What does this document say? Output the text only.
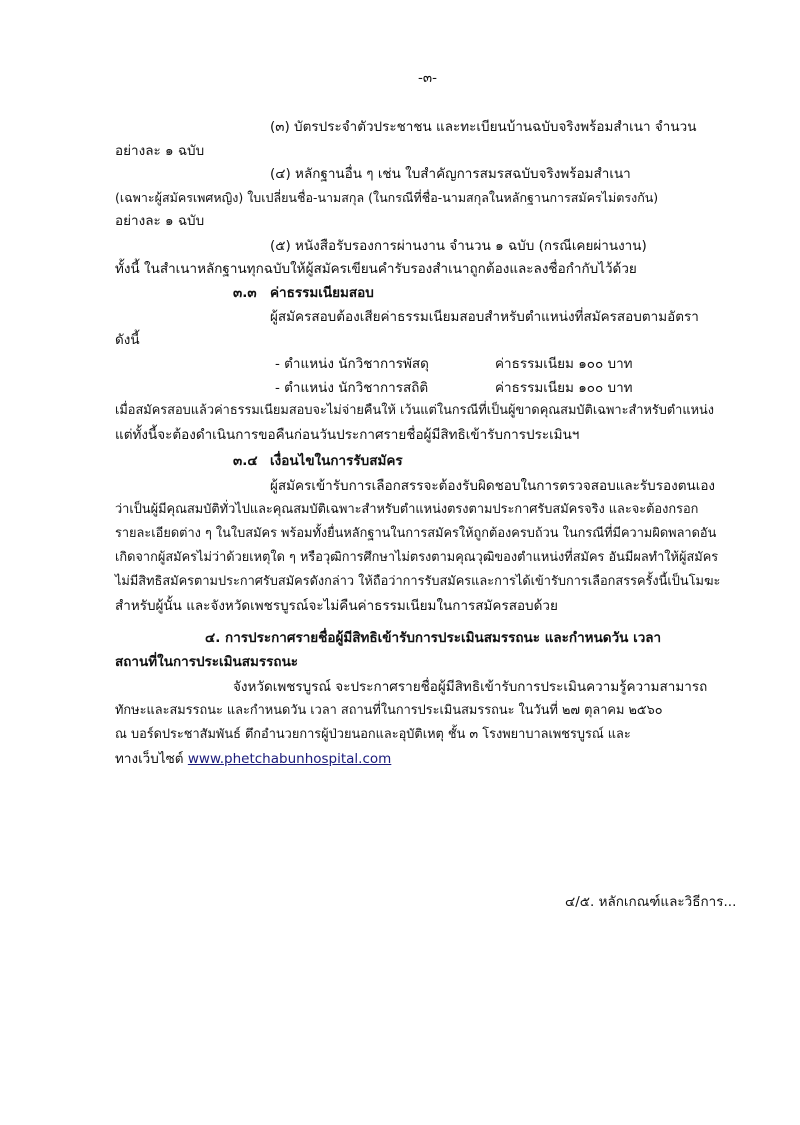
-๓-
(๓) บัตรประจำตัวประชาชน และทะเบียนบ้านฉบับจริงพร้อมสำเนา จำนวน
อย่างละ ๑ ฉบับ
(๔) หลักฐานอื่น ๆ เช่น ใบสำคัญการสมรสฉบับจริงพร้อมสำเนา
(เฉพาะผู้สมัครเพศหญิง) ใบเปลี่ยนชื่อ-นามสกุล (ในกรณีที่ชื่อ-นามสกุลในหลักฐานการสมัครไม่ตรงกัน)
อย่างละ ๑ ฉบับ
(๕) หนังสือรับรองการผ่านงาน จำนวน ๑ ฉบับ (กรณีเคยผ่านงาน)
ทั้งนี้ ในสำเนาหลักฐานทุกฉบับให้ผู้สมัครเขียนคำรับรองสำเนาถูกต้องและลงชื่อกำกับไว้ด้วย
๓.๓ ค่าธรรมเนียมสอบ
ผู้สมัครสอบต้องเสียค่าธรรมเนียมสอบสำหรับตำแหน่งที่สมัครสอบตามอัตรา
ดังนี้
- ตำแหน่ง นักวิชาการพัสดุ	ค่าธรรมเนียม ๑๐๐ บาท
- ตำแหน่ง นักวิชาการสถิติ	ค่าธรรมเนียม ๑๐๐ บาท
เมื่อสมัครสอบแล้วค่าธรรมเนียมสอบจะไม่จ่ายคืนให้ เว้นแต่ในกรณีที่เป็นผู้ขาดคุณสมบัติเฉพาะสำหรับตำแหน่ง
แต่ทั้งนี้จะต้องดำเนินการขอคืนก่อนวันประกาศรายชื่อผู้มีสิทธิเข้ารับการประเมินฯ
๓.๔ เงื่อนไขในการรับสมัคร
ผู้สมัครเข้ารับการเลือกสรรจะต้องรับผิดชอบในการตรวจสอบและรับรองตนเอง
ว่าเป็นผู้มีคุณสมบัติทั่วไปและคุณสมบัติเฉพาะสำหรับตำแหน่งตรงตามประกาศรับสมัครจริง และจะต้องกรอก
รายละเอียดต่าง ๆ ในใบสมัคร พร้อมทั้งยื่นหลักฐานในการสมัครให้ถูกต้องครบถ้วน ในกรณีที่มีความผิดพลาดอัน
เกิดจากผู้สมัครไม่ว่าด้วยเหตุใด ๆ หรือวุฒิการศึกษาไม่ตรงตามคุณวุฒิของตำแหน่งที่สมัคร อันมีผลทำให้ผู้สมัคร
ไม่มีสิทธิสมัครตามประกาศรับสมัครดังกล่าว ให้ถือว่าการรับสมัครและการได้เข้ารับการเลือกสรรครั้งนี้เป็นโมฆะ
สำหรับผู้นั้น และจังหวัดเพชรบูรณ์จะไม่คืนค่าธรรมเนียมในการสมัครสอบด้วย
๔. การประกาศรายชื่อผู้มีสิทธิเข้ารับการประเมินสมรรถนะ และกำหนดวัน เวลา
สถานที่ในการประเมินสมรรถนะ
จังหวัดเพชรบูรณ์ จะประกาศรายชื่อผู้มีสิทธิเข้ารับการประเมินความรู้ความสามารถ
ทักษะและสมรรถนะ และกำหนดวัน เวลา สถานที่ในการประเมินสมรรถนะ ในวันที่ ๒๗ ตุลาคม ๒๕๖๐
ณ บอร์ดประชาสัมพันธ์ ตึกอำนวยการผู้ป่วยนอกและอุบัติเหตุ ชั้น ๓ โรงพยาบาลเพชรบูรณ์ และ
ทางเว็บไซต์ www.phetchabunhospital.com
๔/๕. หลักเกณฑ์และวิธีการ...
